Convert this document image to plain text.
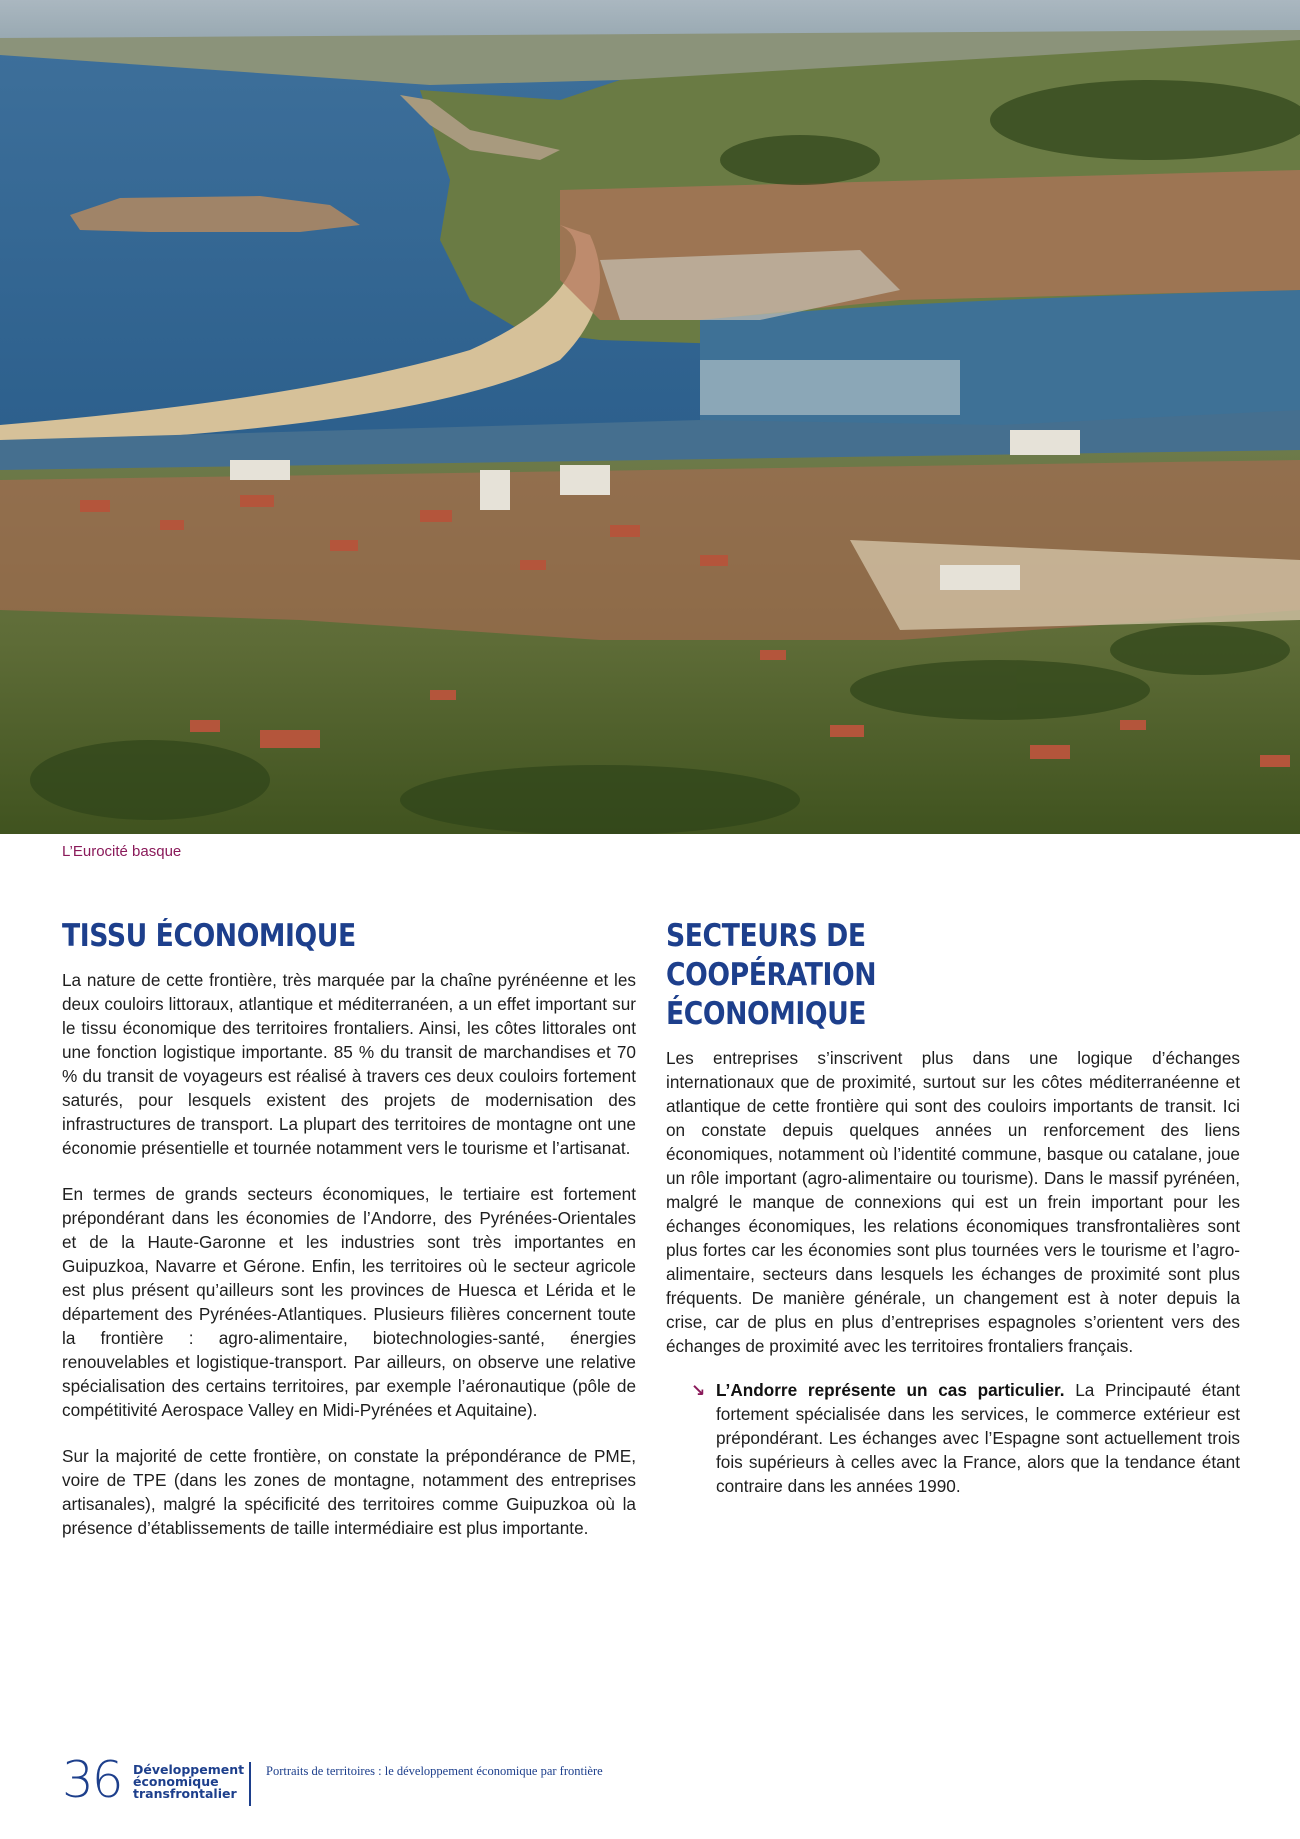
L’Eurocité basque
TISSU ÉCONOMIQUE

La nature de cette frontière, très marquée par la chaîne pyrénéenne et les deux couloirs littoraux, atlantique et méditerranéen, a un effet important sur le tissu économique des territoires frontaliers. Ainsi, les côtes littorales ont une fonction logistique importante. 85 % du transit de marchandises et 70 % du transit de voyageurs est réalisé à travers ces deux couloirs fortement saturés, pour lesquels existent des projets de modernisation des infrastructures de transport. La plupart des territoires de montagne ont une économie présentielle et tournée notamment vers le tourisme et l’artisanat.

En termes de grands secteurs économiques, le tertiaire est fortement prépondérant dans les économies de l’Andorre, des Pyrénées-Orientales et de la Haute-Garonne et les industries sont très importantes en Guipuzkoa, Navarre et Gérone. Enfin, les territoires où le secteur agricole est plus présent qu’ailleurs sont les provinces de Huesca et Lérida et le département des Pyrénées-Atlantiques. Plusieurs filières concernent toute la frontière : agro-alimentaire, biotechnologies-santé, énergies renouvelables et logistique-transport. Par ailleurs, on observe une relative spécialisation des certains territoires, par exemple l’aéronautique (pôle de compétitivité Aerospace Valley en Midi-Pyrénées et Aquitaine).

Sur la majorité de cette frontière, on constate la prépondérance de PME, voire de TPE (dans les zones de montagne, notamment des entreprises artisanales), malgré la spécificité des territoires comme Guipuzkoa où la présence d’établissements de taille intermédiaire est plus importante.

SECTEURS DE COOPÉRATION ÉCONOMIQUE

Les entreprises s’inscrivent plus dans une logique d’échanges internationaux que de proximité, surtout sur les côtes méditerranéenne et atlantique de cette frontière qui sont des couloirs importants de transit. Ici on constate depuis quelques années un renforcement des liens économiques, notamment où l’identité commune, basque ou catalane, joue un rôle important (agro-alimentaire ou tourisme). Dans le massif pyrénéen, malgré le manque de connexions qui est un frein important pour les échanges économiques, les relations économiques transfrontalières sont plus fortes car les économies sont plus tournées vers le tourisme et l’agro-alimentaire, secteurs dans lesquels les échanges de proximité sont plus fréquents. De manière générale, un changement est à noter depuis la crise, car de plus en plus d’entreprises espagnoles s’orientent vers des échanges de proximité avec les territoires frontaliers français.

↘ L’Andorre représente un cas particulier. La Principauté étant fortement spécialisée dans les services, le commerce extérieur est prépondérant. Les échanges avec l’Espagne sont actuellement trois fois supérieurs à celles avec la France, alors que la tendance étant contraire dans les années 1990.

36 Développement
économique
transfrontalier
Portraits de territoires : le développement économique par frontière
